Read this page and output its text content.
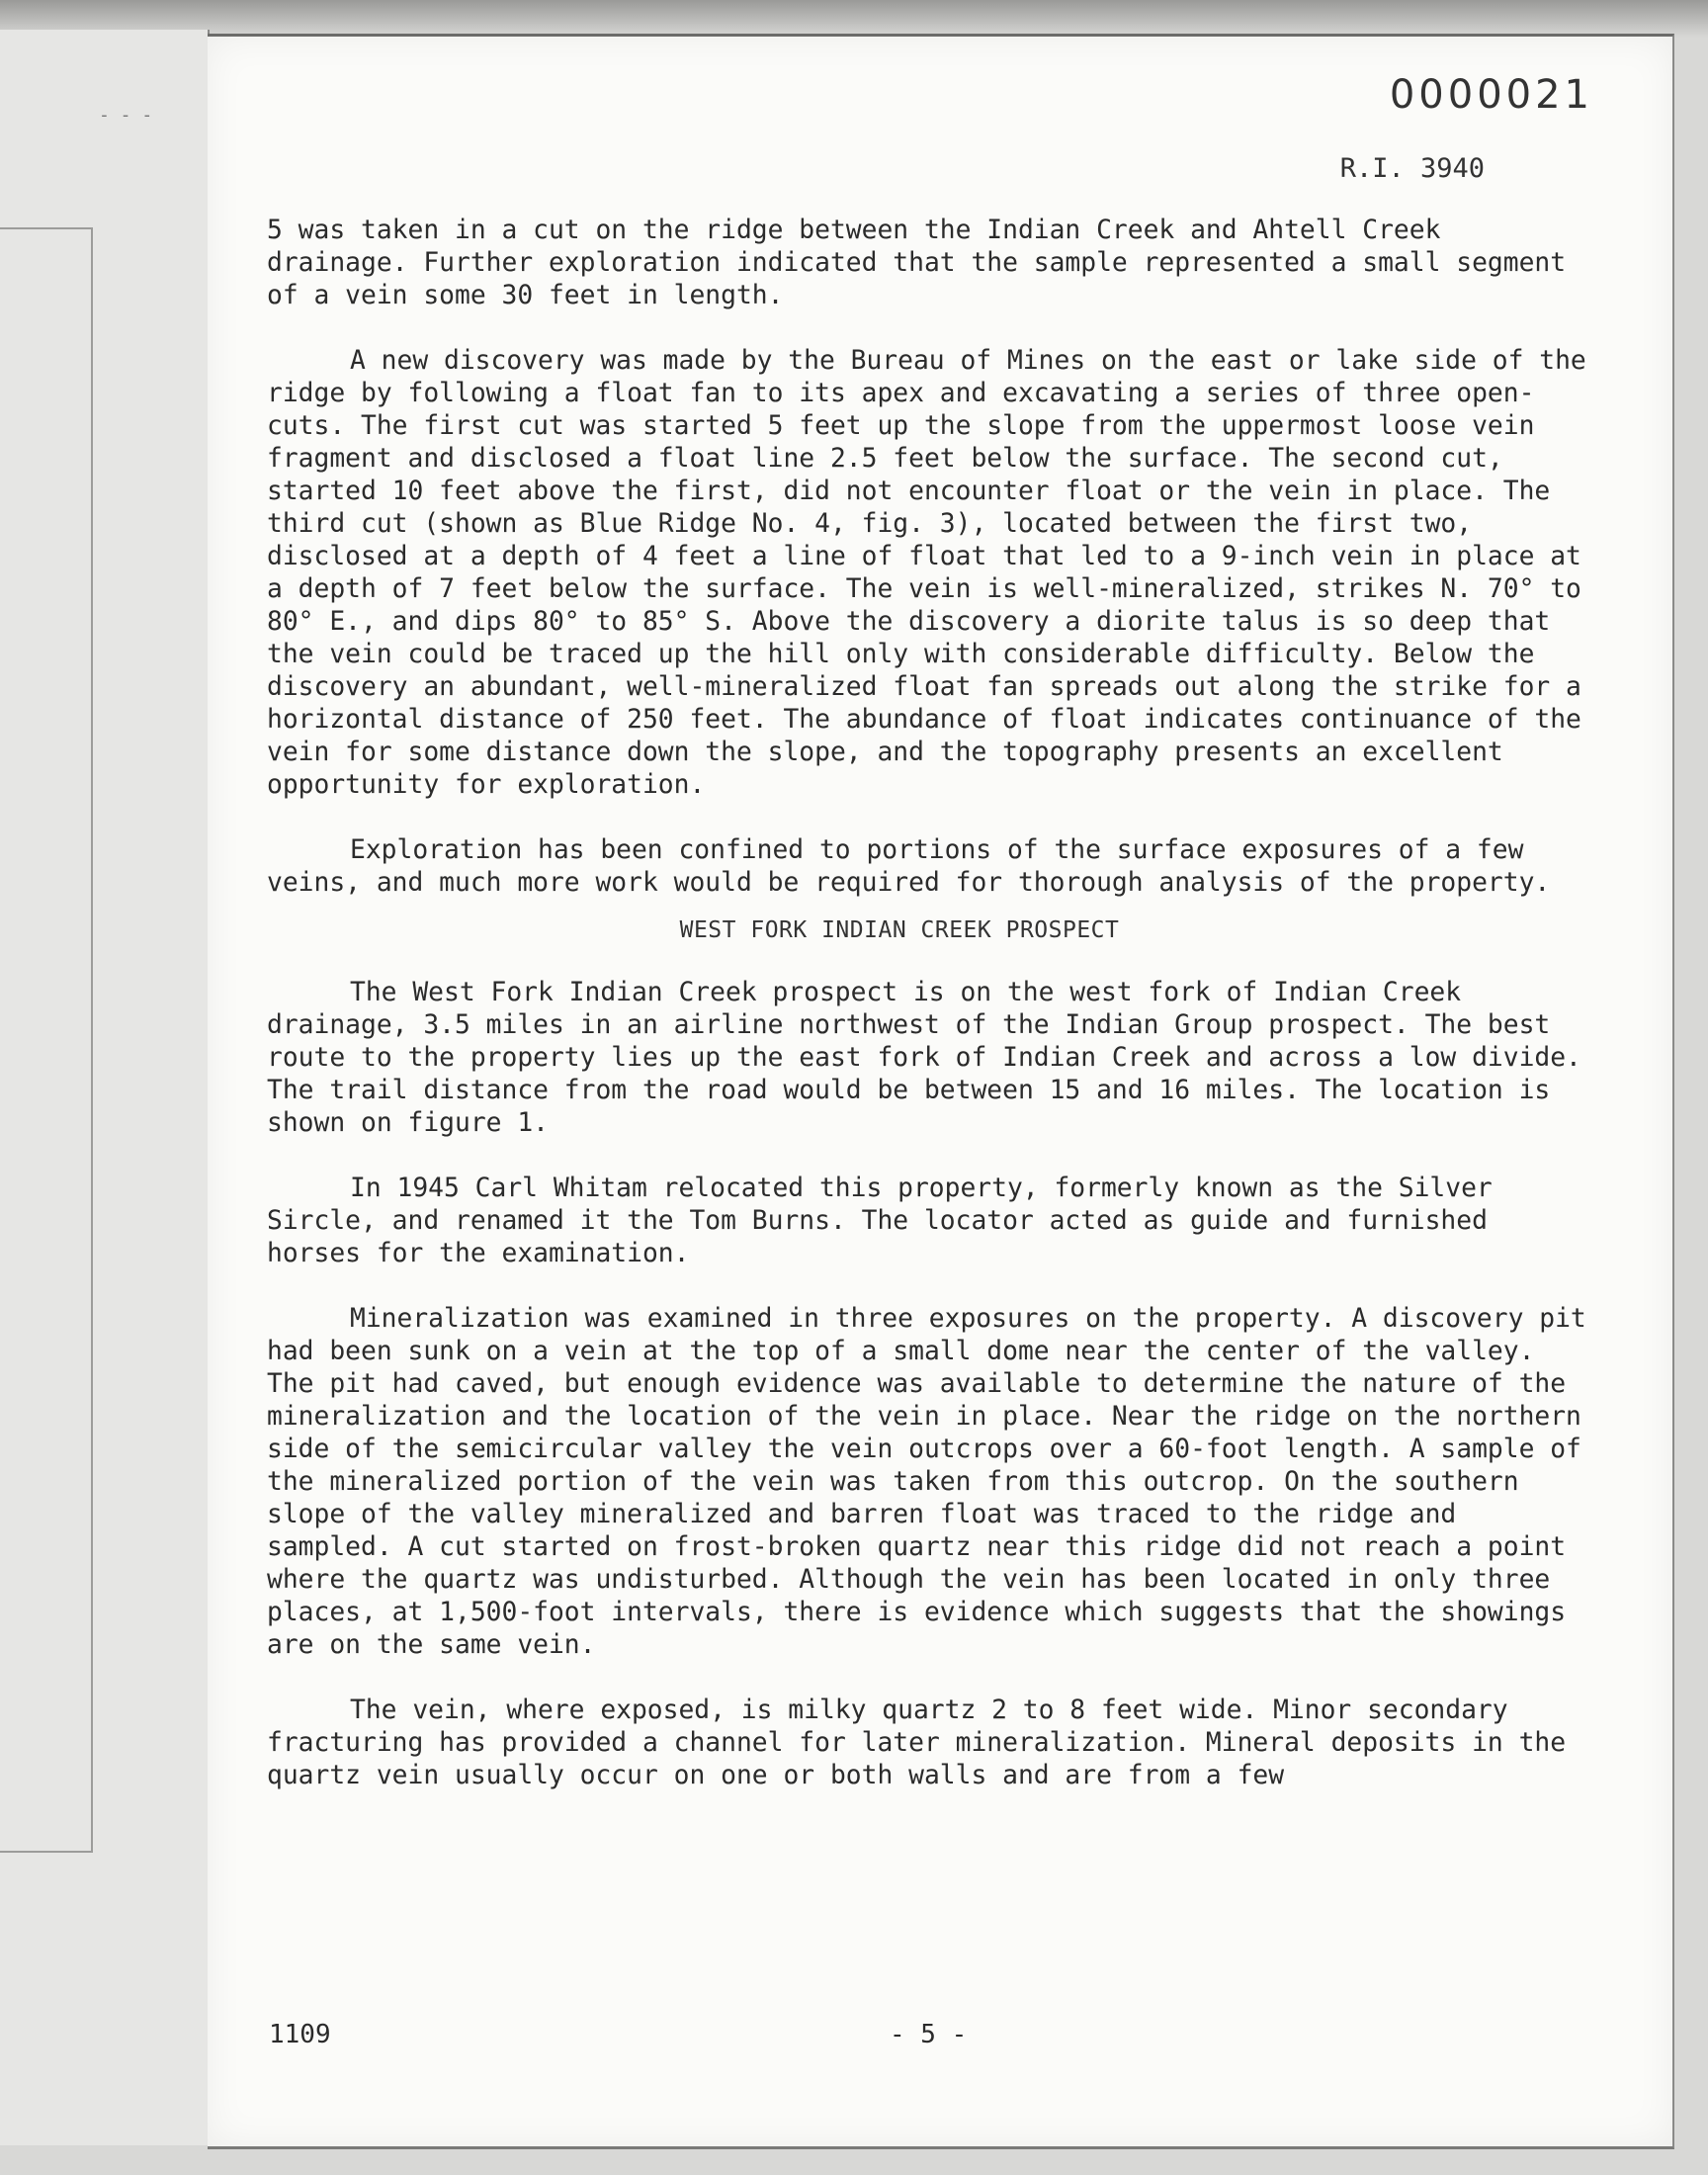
- - -	0000021
R.I. 3940

5 was taken in a cut on the ridge between the Indian Creek and Ahtell Creek drainage. Further exploration indicated that the sample represented a small segment of a vein some 30 feet in length.

A new discovery was made by the Bureau of Mines on the east or lake side of the ridge by following a float fan to its apex and excavating a series of three open-cuts. The first cut was started 5 feet up the slope from the uppermost loose vein fragment and disclosed a float line 2.5 feet below the surface. The second cut, started 10 feet above the first, did not encounter float or the vein in place. The third cut (shown as Blue Ridge No. 4, fig. 3), located between the first two, disclosed at a depth of 4 feet a line of float that led to a 9-inch vein in place at a depth of 7 feet below the surface. The vein is well-mineralized, strikes N. 70° to 80° E., and dips 80° to 85° S. Above the discovery a diorite talus is so deep that the vein could be traced up the hill only with considerable difficulty. Below the discovery an abundant, well-mineralized float fan spreads out along the strike for a horizontal distance of 250 feet. The abundance of float indicates continuance of the vein for some distance down the slope, and the topography presents an excellent opportunity for exploration.

Exploration has been confined to portions of the surface exposures of a few veins, and much more work would be required for thorough analysis of the property.

WEST FORK INDIAN CREEK PROSPECT

The West Fork Indian Creek prospect is on the west fork of Indian Creek drainage, 3.5 miles in an airline northwest of the Indian Group prospect. The best route to the property lies up the east fork of Indian Creek and across a low divide. The trail distance from the road would be between 15 and 16 miles. The location is shown on figure 1.

In 1945 Carl Whitam relocated this property, formerly known as the Silver Sircle, and renamed it the Tom Burns. The locator acted as guide and furnished horses for the examination.

Mineralization was examined in three exposures on the property. A discovery pit had been sunk on a vein at the top of a small dome near the center of the valley. The pit had caved, but enough evidence was available to determine the nature of the mineralization and the location of the vein in place. Near the ridge on the northern side of the semicircular valley the vein outcrops over a 60-foot length. A sample of the mineralized portion of the vein was taken from this outcrop. On the southern slope of the valley mineralized and barren float was traced to the ridge and sampled. A cut started on frost-broken quartz near this ridge did not reach a point where the quartz was undisturbed. Although the vein has been located in only three places, at 1,500-foot intervals, there is evidence which suggests that the showings are on the same vein.

The vein, where exposed, is milky quartz 2 to 8 feet wide. Minor secondary fracturing has provided a channel for later mineralization. Mineral deposits in the quartz vein usually occur on one or both walls and are from a few

1109	- 5 -
